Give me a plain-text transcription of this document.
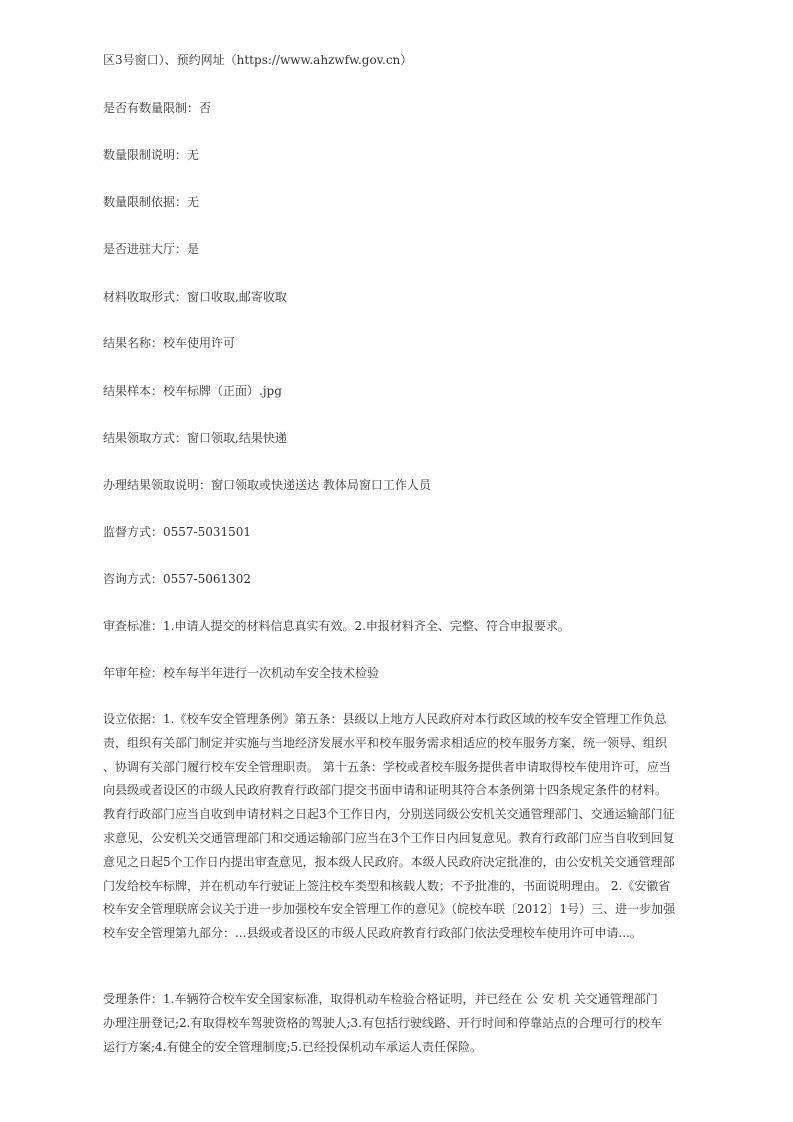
区3号窗口）、预约网址（https://www.ahzwfw.gov.cn）
是否有数量限制：否
数量限制说明：无
数量限制依据：无
是否进驻大厅：是
材料收取形式：窗口收取,邮寄收取
结果名称：校车使用许可
结果样本：校车标牌（正面）.jpg
结果领取方式：窗口领取,结果快递
办理结果领取说明：窗口领取或快递送达 教体局窗口工作人员
监督方式：0557-5031501
咨询方式：0557-5061302
审查标准：1.申请人提交的材料信息真实有效。2.申报材料齐全、完整、符合申报要求。
年审年检：校车每半年进行一次机动车安全技术检验
设立依据：1.《校车安全管理条例》第五条：县级以上地方人民政府对本行政区域的校车安全管理工作负总
责，组织有关部门制定并实施与当地经济发展水平和校车服务需求相适应的校车服务方案，统一领导、组织
、协调有关部门履行校车安全管理职责。 第十五条：学校或者校车服务提供者申请取得校车使用许可，应当
向县级或者设区的市级人民政府教育行政部门提交书面申请和证明其符合本条例第十四条规定条件的材料。
教育行政部门应当自收到申请材料之日起3个工作日内，分别送同级公安机关交通管理部门、交通运输部门征
求意见，公安机关交通管理部门和交通运输部门应当在3个工作日内回复意见。教育行政部门应当自收到回复
意见之日起5个工作日内提出审查意见，报本级人民政府。本级人民政府决定批准的，由公安机关交通管理部
门发给校车标牌，并在机动车行驶证上签注校车类型和核载人数；不予批准的，书面说明理由。 2.《安徽省
校车安全管理联席会议关于进一步加强校车安全管理工作的意见》（皖校车联〔2012〕1号）三、进一步加强
校车安全管理第九部分：...县级或者设区的市级人民政府教育行政部门依法受理校车使用许可申请...。
受理条件：1.车辆符合校车安全国家标准，取得机动车检验合格证明，并已经在 公 安 机 关交通管理部门
办理注册登记;2.有取得校车驾驶资格的驾驶人;3.有包括行驶线路、开行时间和停靠站点的合理可行的校车
运行方案;4.有健全的安全管理制度;5.已经投保机动车承运人责任保险。
